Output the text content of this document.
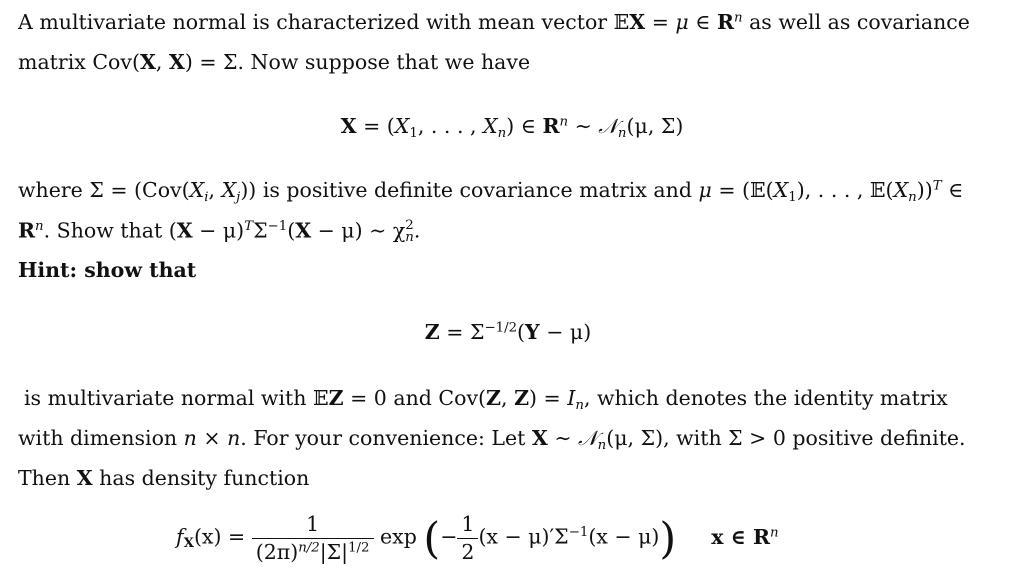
A multivariate normal is characterized with mean vector 𝔼X = μ ∈ $R^n$ as well as covariance
matrix Cov(X, X) = Σ. Now suppose that we have
$X = (X_1$, . . . , $X_n$) ∈ $R^n$ ∼ 𝒩$_n$(μ, Σ)
where $\Sigma = (Cov(X_i$, $X_j$)) is positive definite covariance matrix and $\mu = (𝔼(X_1)$, . . . , $𝔼(X_n))^T$ ∈
$R^n$. Show that $(X - \mu)^T\Sigma^{-1}(X - \mu)$ ∼ χ 2
n .
Hint: show that
$Z = \Sigma^{-1/2}(Y - \mu)$
is multivariate normal with 𝔼Z = 0 and Cov(Z, $Z) = I_n$, which denotes the identity matrix
with dimension n × n. For your convenience: Let X ∼ 𝒩$_n$(μ, Σ), with Σ > 0 positive definite.
Then X has density function
$f_X(x) = \frac{1}{(2\pi)^{n/2}|\Sigma|^{1/2}}$ exp (− $\frac{1}{2} (x - \mu)'\Sigma^{-1}(x - \mu)$) x ∈ $R^n$
